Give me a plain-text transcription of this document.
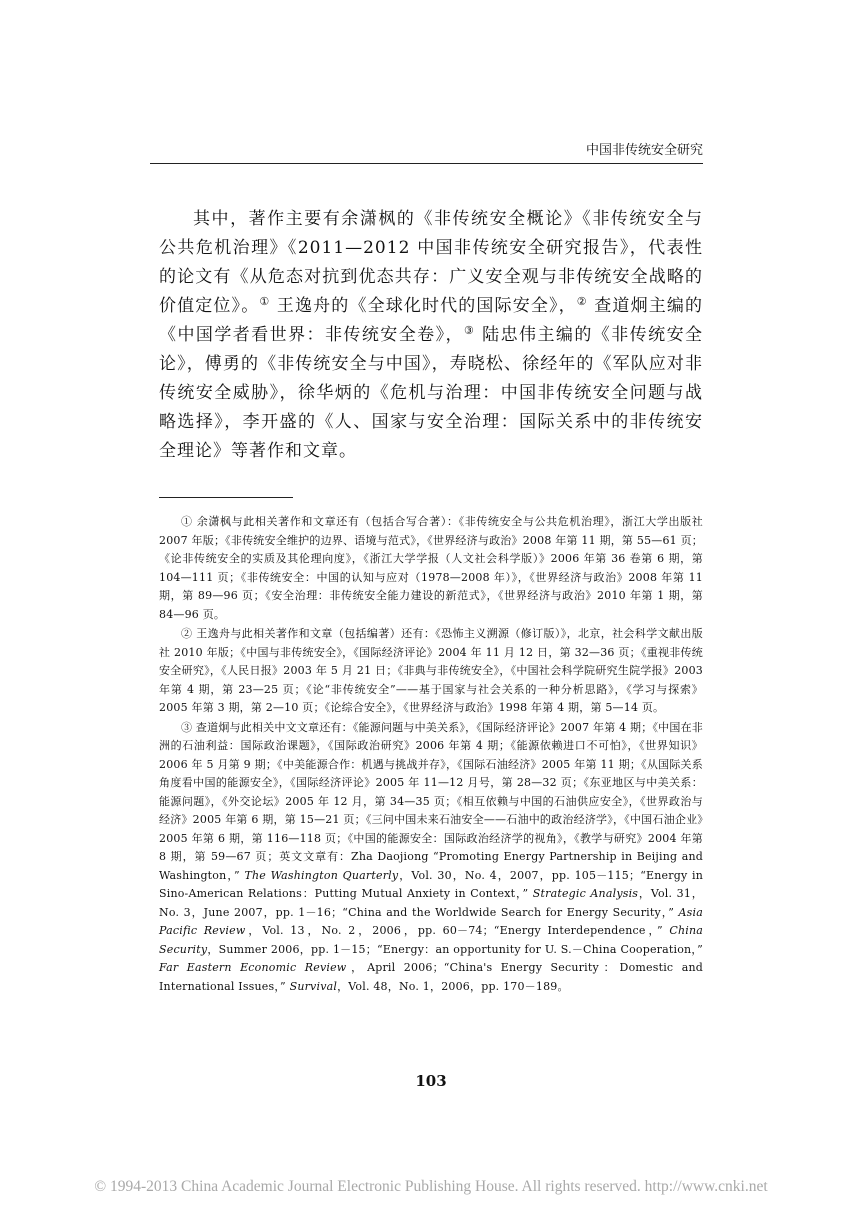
中国非传统安全研究

其中，著作主要有余潇枫的《非传统安全概论》《非传统安全与公共危机治理》《2011—2012 中国非传统安全研究报告》，代表性的论文有《从危态对抗到优态共存：广义安全观与非传统安全战略的价值定位》。① 王逸舟的《全球化时代的国际安全》，② 查道炯主编的《中国学者看世界：非传统安全卷》，③ 陆忠伟主编的《非传统安全论》，傅勇的《非传统安全与中国》，寿晓松、徐经年的《军队应对非传统安全威胁》，徐华炳的《危机与治理：中国非传统安全问题与战略选择》，李开盛的《人、国家与安全治理：国际关系中的非传统安全理论》等著作和文章。

① 余潇枫与此相关著作和文章还有（包括合写合著）：《非传统安全与公共危机治理》，浙江大学出版社 2007 年版；《非传统安全维护的边界、语境与范式》，《世界经济与政治》2008 年第 11 期，第 55—61 页；《论非传统安全的实质及其伦理向度》，《浙江大学学报（人文社会科学版）》2006 年第 36 卷第 6 期，第 104—111 页；《非传统安全：中国的认知与应对（1978—2008 年）》，《世界经济与政治》2008 年第 11 期，第 89—96 页；《安全治理：非传统安全能力建设的新范式》，《世界经济与政治》2010 年第 1 期，第 84—96 页。

② 王逸舟与此相关著作和文章（包括编著）还有：《恐怖主义溯源（修订版）》，北京，社会科学文献出版社 2010 年版；《中国与非传统安全》，《国际经济评论》2004 年 11 月 12 日，第 32—36 页；《重视非传统安全研究》，《人民日报》2003 年 5 月 21 日；《非典与非传统安全》，《中国社会科学院研究生院学报》2003 年第 4 期，第 23—25 页；《论“非传统安全”——基于国家与社会关系的一种分析思路》，《学习与探索》2005 年第 3 期，第 2—10 页；《论综合安全》，《世界经济与政治》1998 年第 4 期，第 5—14 页。

③ 查道炯与此相关中文文章还有：《能源问题与中美关系》，《国际经济评论》2007 年第 4 期；《中国在非洲的石油利益：国际政治课题》，《国际政治研究》2006 年第 4 期；《能源依赖进口不可怕》，《世界知识》2006 年 5 月第 9 期；《中美能源合作：机遇与挑战并存》，《国际石油经济》2005 年第 11 期；《从国际关系角度看中国的能源安全》，《国际经济评论》2005 年 11—12 月号，第 28—32 页；《东亚地区与中美关系：能源问题》，《外交论坛》2005 年 12 月，第 34—35 页；《相互依赖与中国的石油供应安全》，《世界政治与经济》2005 年第 6 期，第 15—21 页；《三问中国未来石油安全——石油中的政治经济学》，《中国石油企业》2005 年第 6 期，第 116—118 页；《中国的能源安全：国际政治经济学的视角》，《教学与研究》2004 年第 8 期，第 59—67 页；英文文章有：Zha Daojiong “Promoting Energy Partnership in Beijing and Washington，” The Washington Quarterly，Vol. 30，No. 4，2007，pp. 105－115；“Energy in Sino-American Relations：Putting Mutual Anxiety in Context，” Strategic Analysis，Vol. 31，No. 3，June 2007，pp. 1－16；“China and the Worldwide Search for Energy Security，” Asia Pacific Review，Vol. 13，No. 2，2006，pp. 60－74；“Energy Interdependence，” China Security，Summer 2006，pp. 1－15；“Energy：an opportunity for U. S.－China Cooperation，” Far Eastern Economic Review，April 2006；“China's Energy Security：Domestic and International Issues，” Survival，Vol. 48，No. 1，2006，pp. 170－189。

103
© 1994-2013 China Academic Journal Electronic Publishing House. All rights reserved. http://www.cnki.net
